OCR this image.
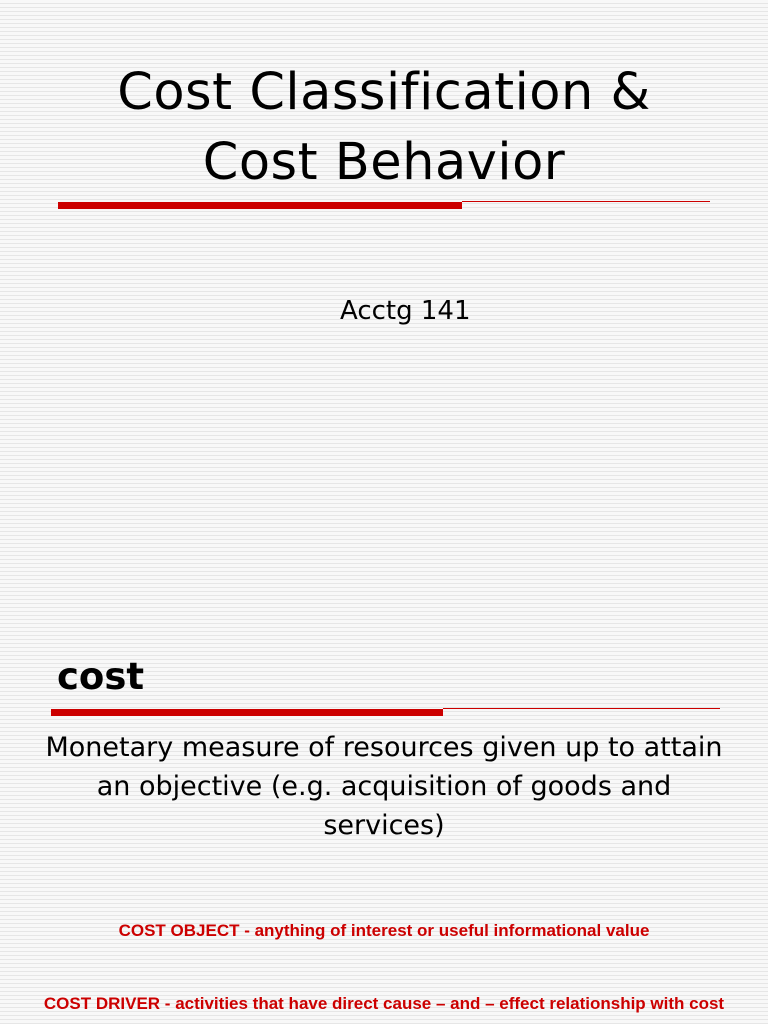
Cost Classification &
Cost Behavior

Acctg 141

cost

Monetary measure of resources given up to attain an objective (e.g. acquisition of goods and services)

COST OBJECT - anything of interest or useful informational value

COST DRIVER - activities that have direct cause – and – effect relationship with cost
